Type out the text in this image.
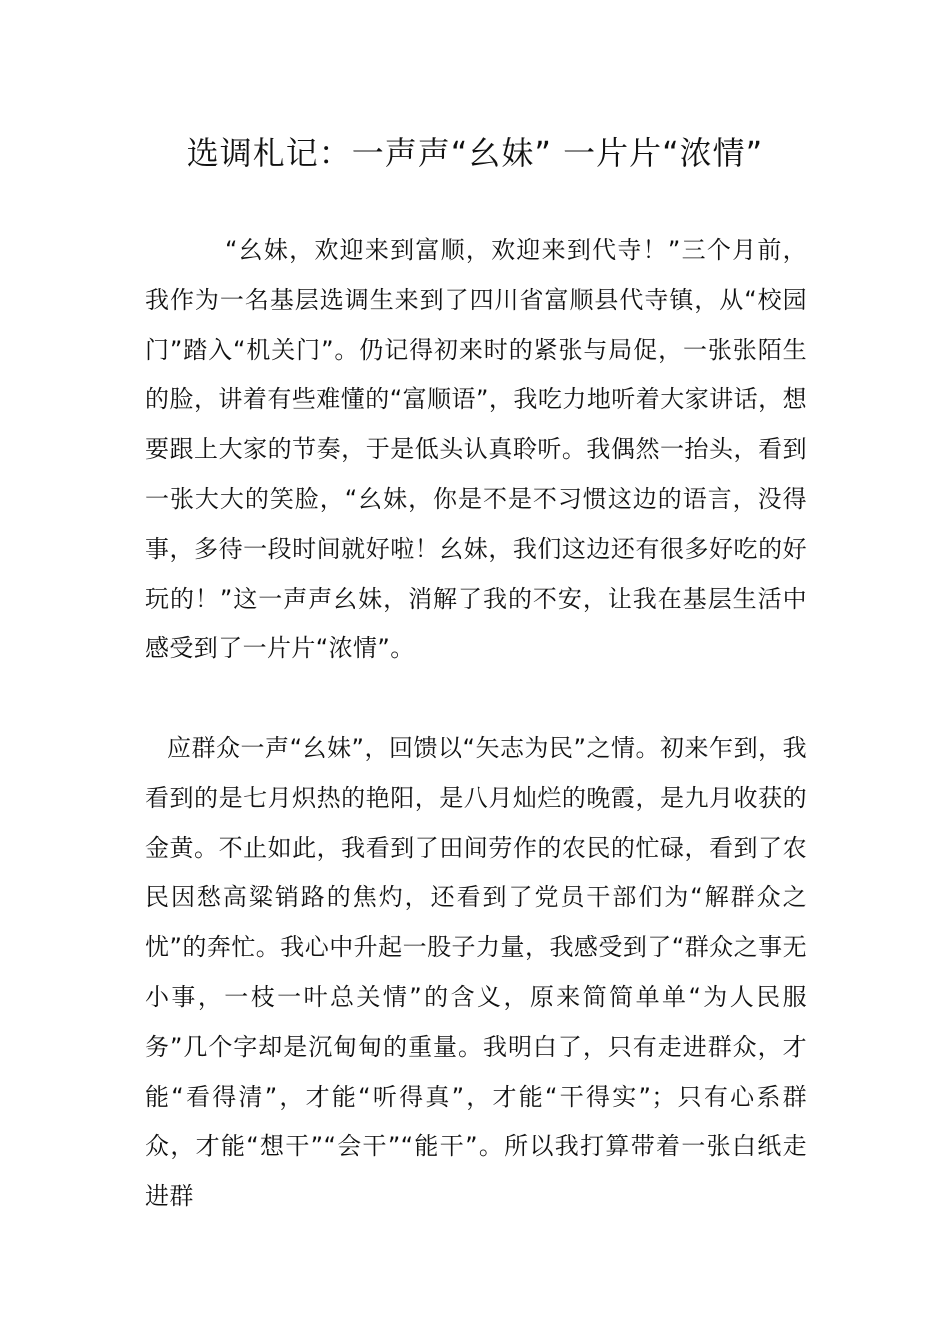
选调札记：一声声“幺妹” 一片片“浓情”

“幺妹，欢迎来到富顺，欢迎来到代寺！”三个月前，我作为一名基层选调生来到了四川省富顺县代寺镇，从“校园门”踏入“机关门”。仍记得初来时的紧张与局促，一张张陌生的脸，讲着有些难懂的“富顺语”，我吃力地听着大家讲话，想要跟上大家的节奏，于是低头认真聆听。我偶然一抬头，看到一张大大的笑脸，“幺妹，你是不是不习惯这边的语言，没得事，多待一段时间就好啦！幺妹，我们这边还有很多好吃的好玩的！”这一声声幺妹，消解了我的不安，让我在基层生活中感受到了一片片“浓情”。

应群众一声“幺妹”，回馈以“矢志为民”之情。初来乍到，我看到的是七月炽热的艳阳，是八月灿烂的晚霞，是九月收获的金黄。不止如此，我看到了田间劳作的农民的忙碌，看到了农民因愁高粱销路的焦灼，还看到了党员干部们为“解群众之忧”的奔忙。我心中升起一股子力量，我感受到了“群众之事无小事，一枝一叶总关情”的含义，原来简简单单“为人民服务”几个字却是沉甸甸的重量。我明白了，只有走进群众，才能“看得清”，才能“听得真”，才能“干得实”；只有心系群众，才能“想干”“会干”“能干”。所以我打算带着一张白纸走进群
